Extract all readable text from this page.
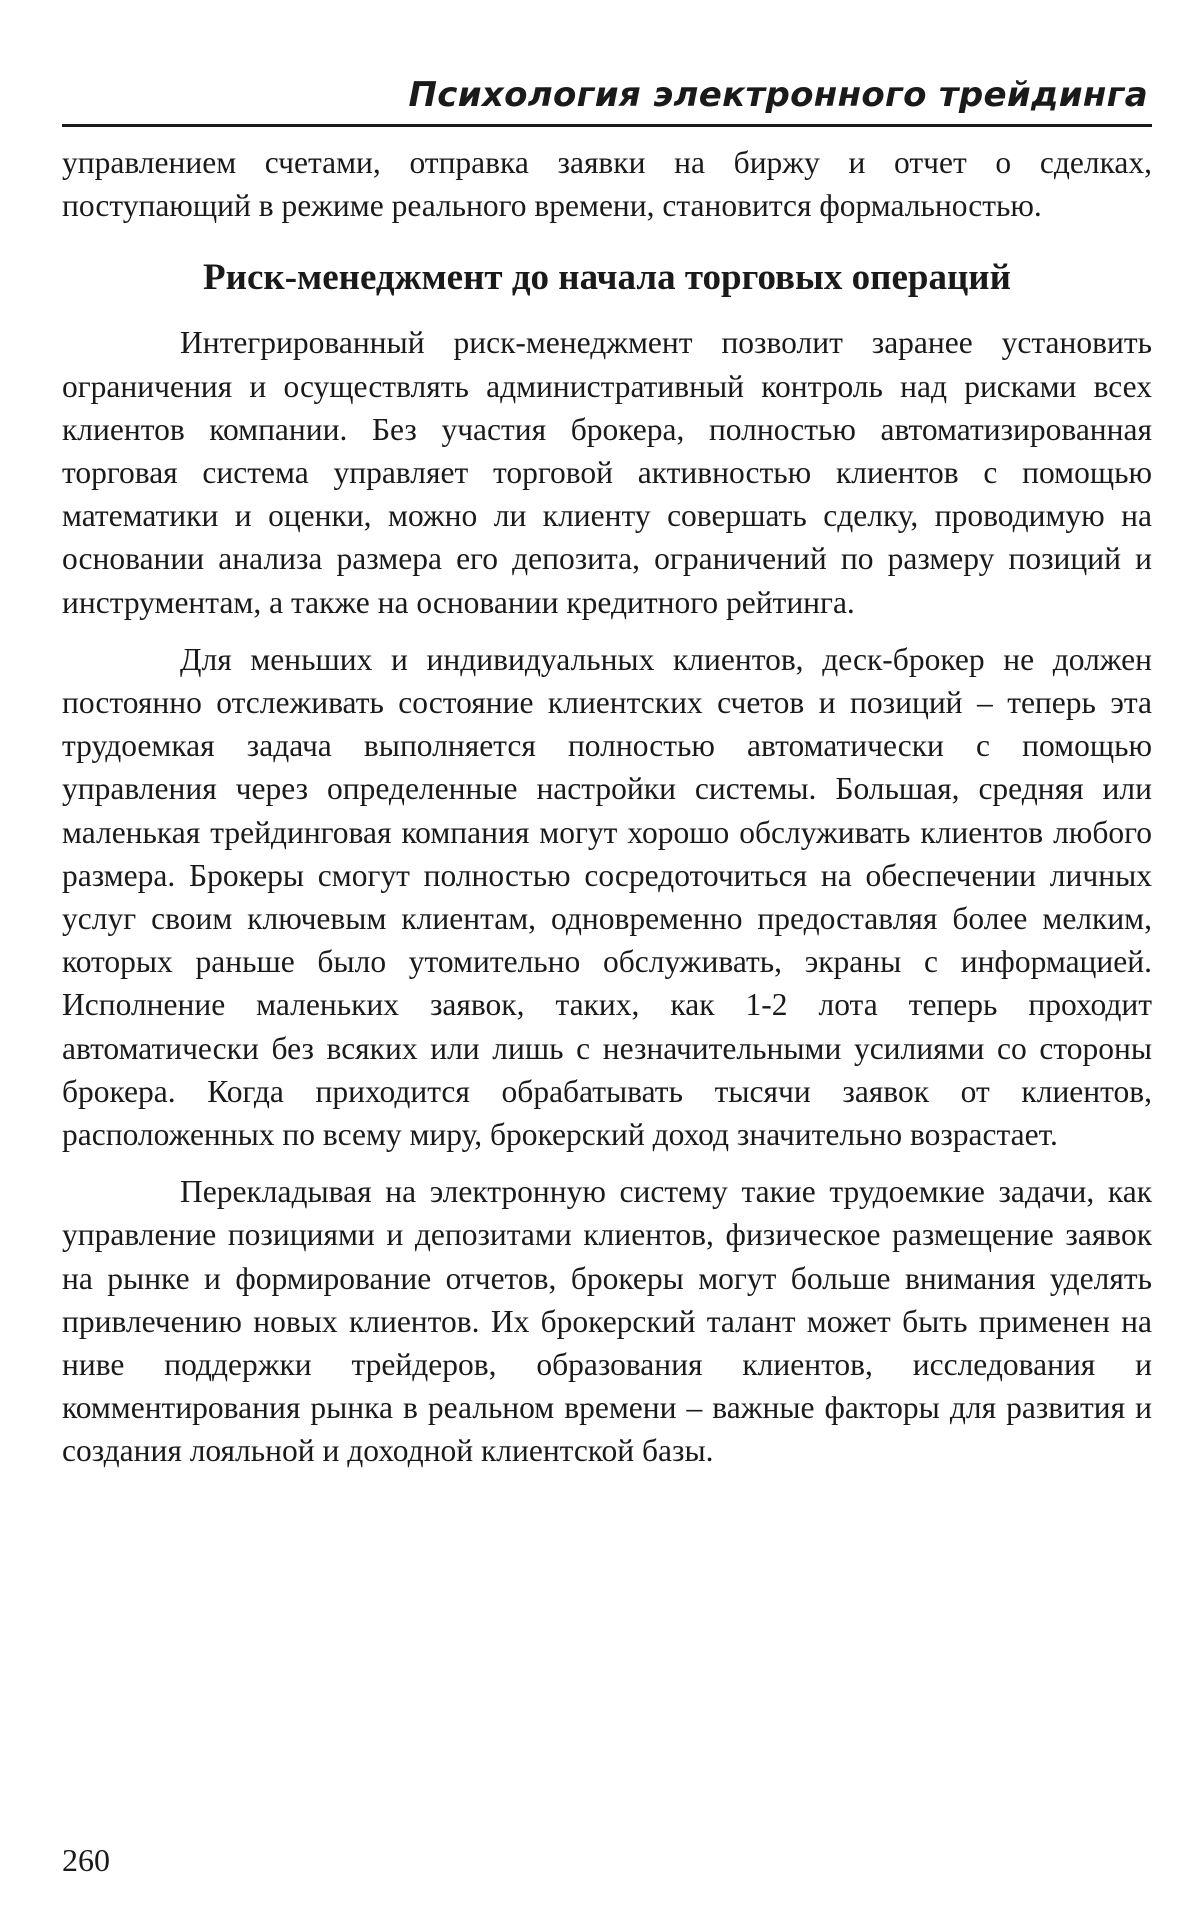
Психология электронного трейдинга

управлением счетами, отправка заявки на биржу и отчет о сделках, поступающий в режиме реального времени, становится формальностью.

Риск-менеджмент до начала торговых операций

Интегрированный риск-менеджмент позволит заранее установить ограничения и осуществлять административный контроль над рисками всех клиентов компании. Без участия брокера, полностью автоматизированная торговая система управляет торговой активностью клиентов с помощью математики и оценки, можно ли клиенту совершать сделку, проводимую на основании анализа размера его депозита, ограничений по размеру позиций и инструментам, а также на основании кредитного рейтинга.

Для меньших и индивидуальных клиентов, деск-брокер не должен постоянно отслеживать состояние клиентских счетов и позиций – теперь эта трудоемкая задача выполняется полностью автоматически с помощью управления через определенные настройки системы. Большая, средняя или маленькая трейдинговая компания могут хорошо обслуживать клиентов любого размера. Брокеры смогут полностью сосредоточиться на обеспечении личных услуг своим ключевым клиентам, одновременно предоставляя более мелким, которых раньше было утомительно обслуживать, экраны с информацией. Исполнение маленьких заявок, таких, как 1-2 лота теперь проходит автоматически без всяких или лишь с незначительными усилиями со стороны брокера. Когда приходится обрабатывать тысячи заявок от клиентов, расположенных по всему миру, брокерский доход значительно возрастает.

Перекладывая на электронную систему такие трудоемкие задачи, как управление позициями и депозитами клиентов, физическое размещение заявок на рынке и формирование отчетов, брокеры могут больше внимания уделять привлечению новых клиентов. Их брокерский талант может быть применен на ниве поддержки трейдеров, образования клиентов, исследования и комментирования рынка в реальном времени – важные факторы для развития и создания лояльной и доходной клиентской базы.

260
